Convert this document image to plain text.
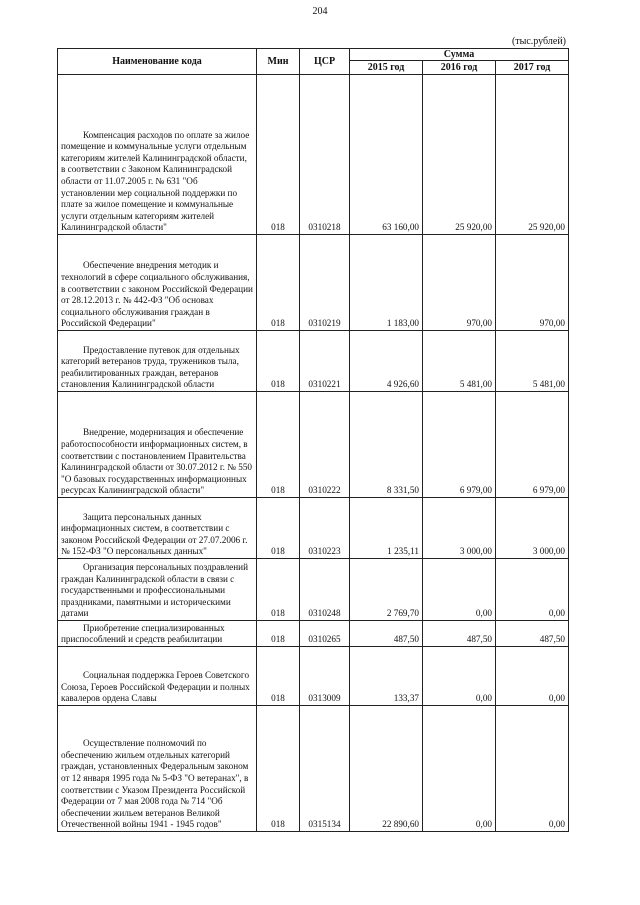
204
(тыс.рублей)
Наименование кода	Мин	ЦСР	Сумма		
			2015 год	2016 год	2017 год

Компенсация расходов по оплате за жилое помещение и коммунальные услуги отдельным категориям жителей Калининградской области, в соответствии с Законом Калининградской области от 11.07.2005 г. № 631 "Об установлении мер социальной поддержки по плате за жилое помещение и коммунальные услуги отдельным категориям жителей Калининградской области"	018	0310218	63 160,00	25 920,00	25 920,00

Обеспечение внедрения методик и технологий в сфере социального обслуживания, в соответствии с законом Российской Федерации от 28.12.2013 г. № 442-ФЗ "Об основах социального обслуживания граждан в Российской Федерации"	018	0310219	1 183,00	970,00	970,00

Предоставление путевок для отдельных категорий ветеранов труда, тружеников тыла, реабилитированных граждан, ветеранов становления Калининградской области	018	0310221	4 926,60	5 481,00	5 481,00

Внедрение, модернизация и обеспечение работоспособности информационных систем, в соответствии с постановлением Правительства Калининградской области от 30.07.2012 г. № 550 "О базовых государственных информационных ресурсах Калининградской области"	018	0310222	8 331,50	6 979,00	6 979,00

Защита персональных данных информационных систем, в соответствии с законом Российской Федерации от 27.07.2006 г. № 152-ФЗ "О персональных данных"	018	0310223	1 235,11	3 000,00	3 000,00

Организация персональных поздравлений граждан Калининградской области в связи с государственными и профессиональными праздниками, памятными и историческими датами	018	0310248	2 769,70	0,00	0,00

Приобретение специализированных приспособлений и средств реабилитации	018	0310265	487,50	487,50	487,50

Социальная поддержка Героев Советского Союза, Героев Российской Федерации и полных кавалеров ордена Славы	018	0313009	133,37	0,00	0,00

Осуществление полномочий по обеспечению жильем отдельных категорий граждан, установленных Федеральным законом от 12 января 1995 года № 5-ФЗ "О ветеранах", в соответствии с Указом Президента Российской Федерации от 7 мая 2008 года № 714 "Об обеспечении жильем ветеранов Великой Отечественной войны 1941 - 1945 годов"	018	0315134	22 890,60	0,00	0,00
